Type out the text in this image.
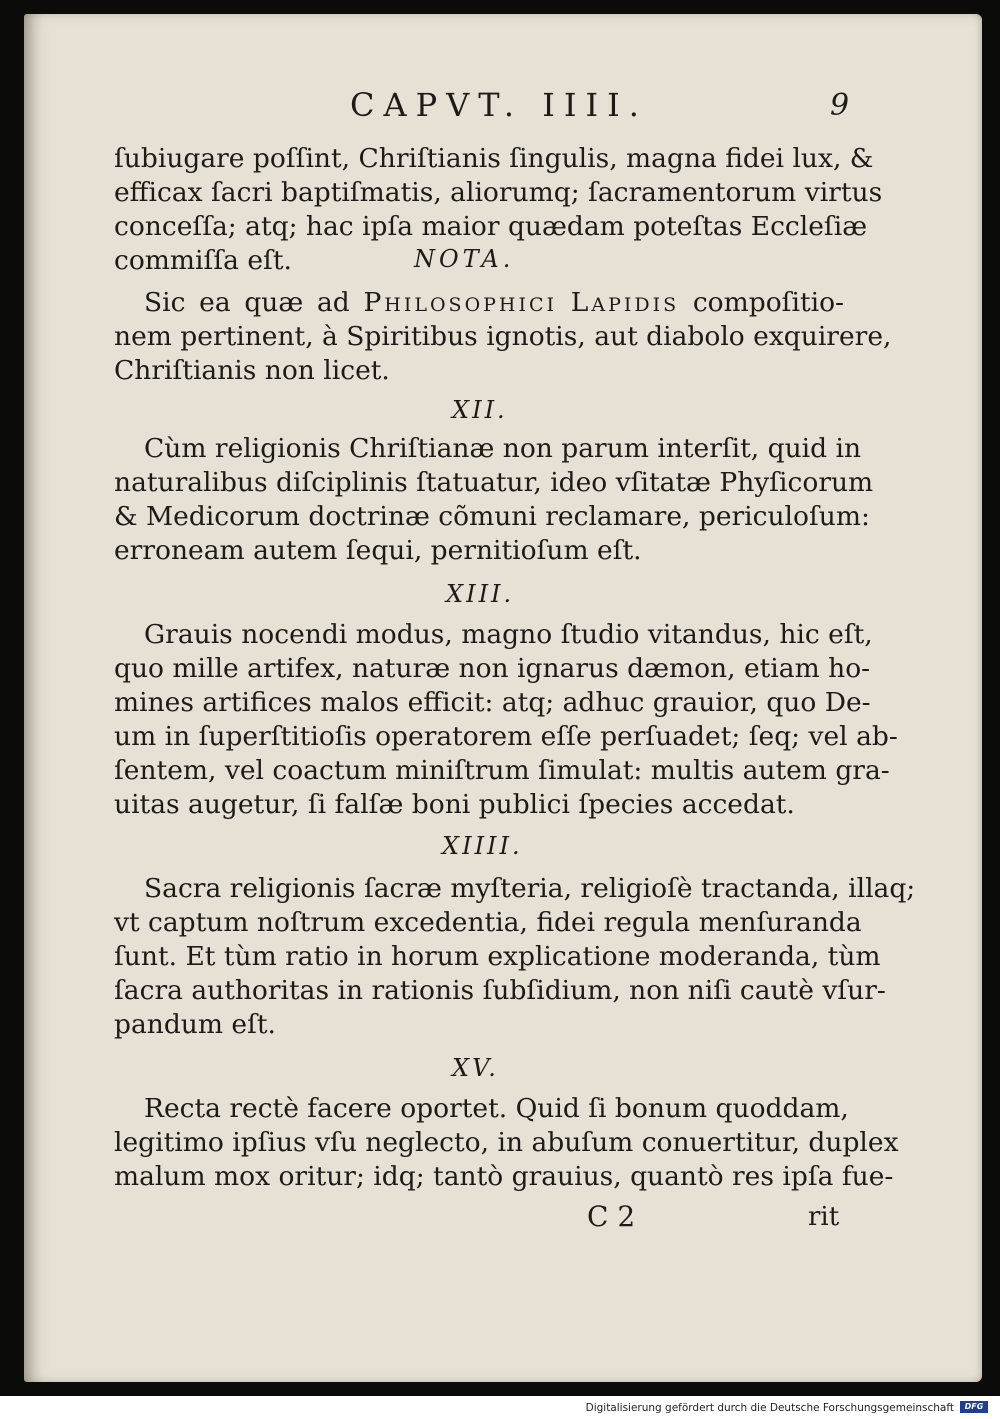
CAPVT. IIII.	9
ſubiugare poſſint, Chriſtianis ſingulis, magna fidei lux, &
efficax ſacri baptiſmatis, aliorumq; ſacramentorum virtus
conceſſa; atq; hac ipſa maior quædam poteſtas Eccleſiæ
commiſſa eſt.	NOTA.
Sic ea quæ ad Philosophici Lapidis compoſitio-
nem pertinent, à Spiritibus ignotis, aut diabolo exquirere,
Chriſtianis non licet.
XII.
Cùm religionis Chriſtianæ non parum interſit, quid in
naturalibus diſciplinis ſtatuatur, ideo vſitatæ Phyſicorum
& Medicorum doctrinæ cõmuni reclamare, periculoſum:
erroneam autem ſequi, pernitioſum eſt.
XIII.
Grauis nocendi modus, magno ſtudio vitandus, hic eſt,
quo mille artifex, naturæ non ignarus dæmon, etiam ho-
mines artifices malos efficit: atq; adhuc grauior, quo De-
um in ſuperſtitioſis operatorem eſſe perſuadet; ſeq; vel ab-
ſentem, vel coactum miniſtrum ſimulat: multis autem gra-
uitas augetur, ſi falſæ boni publici ſpecies accedat.
XIIII.
Sacra religionis ſacræ myſteria, religioſè tractanda, illaq;
vt captum noſtrum excedentia, fidei regula menſuranda
ſunt. Et tùm ratio in horum explicatione moderanda, tùm
ſacra authoritas in rationis ſubſidium, non niſi cautè vſur-
pandum eſt.
XV.
Recta rectè facere oportet. Quid ſi bonum quoddam,
legitimo ipſius vſu neglecto, in abuſum conuertitur, duplex
malum mox oritur; idq; tantò grauius, quantò res ipſa fue-
C 2	rit
Digitalisierung gefördert durch die Deutsche Forschungsgemeinschaft	DFG
